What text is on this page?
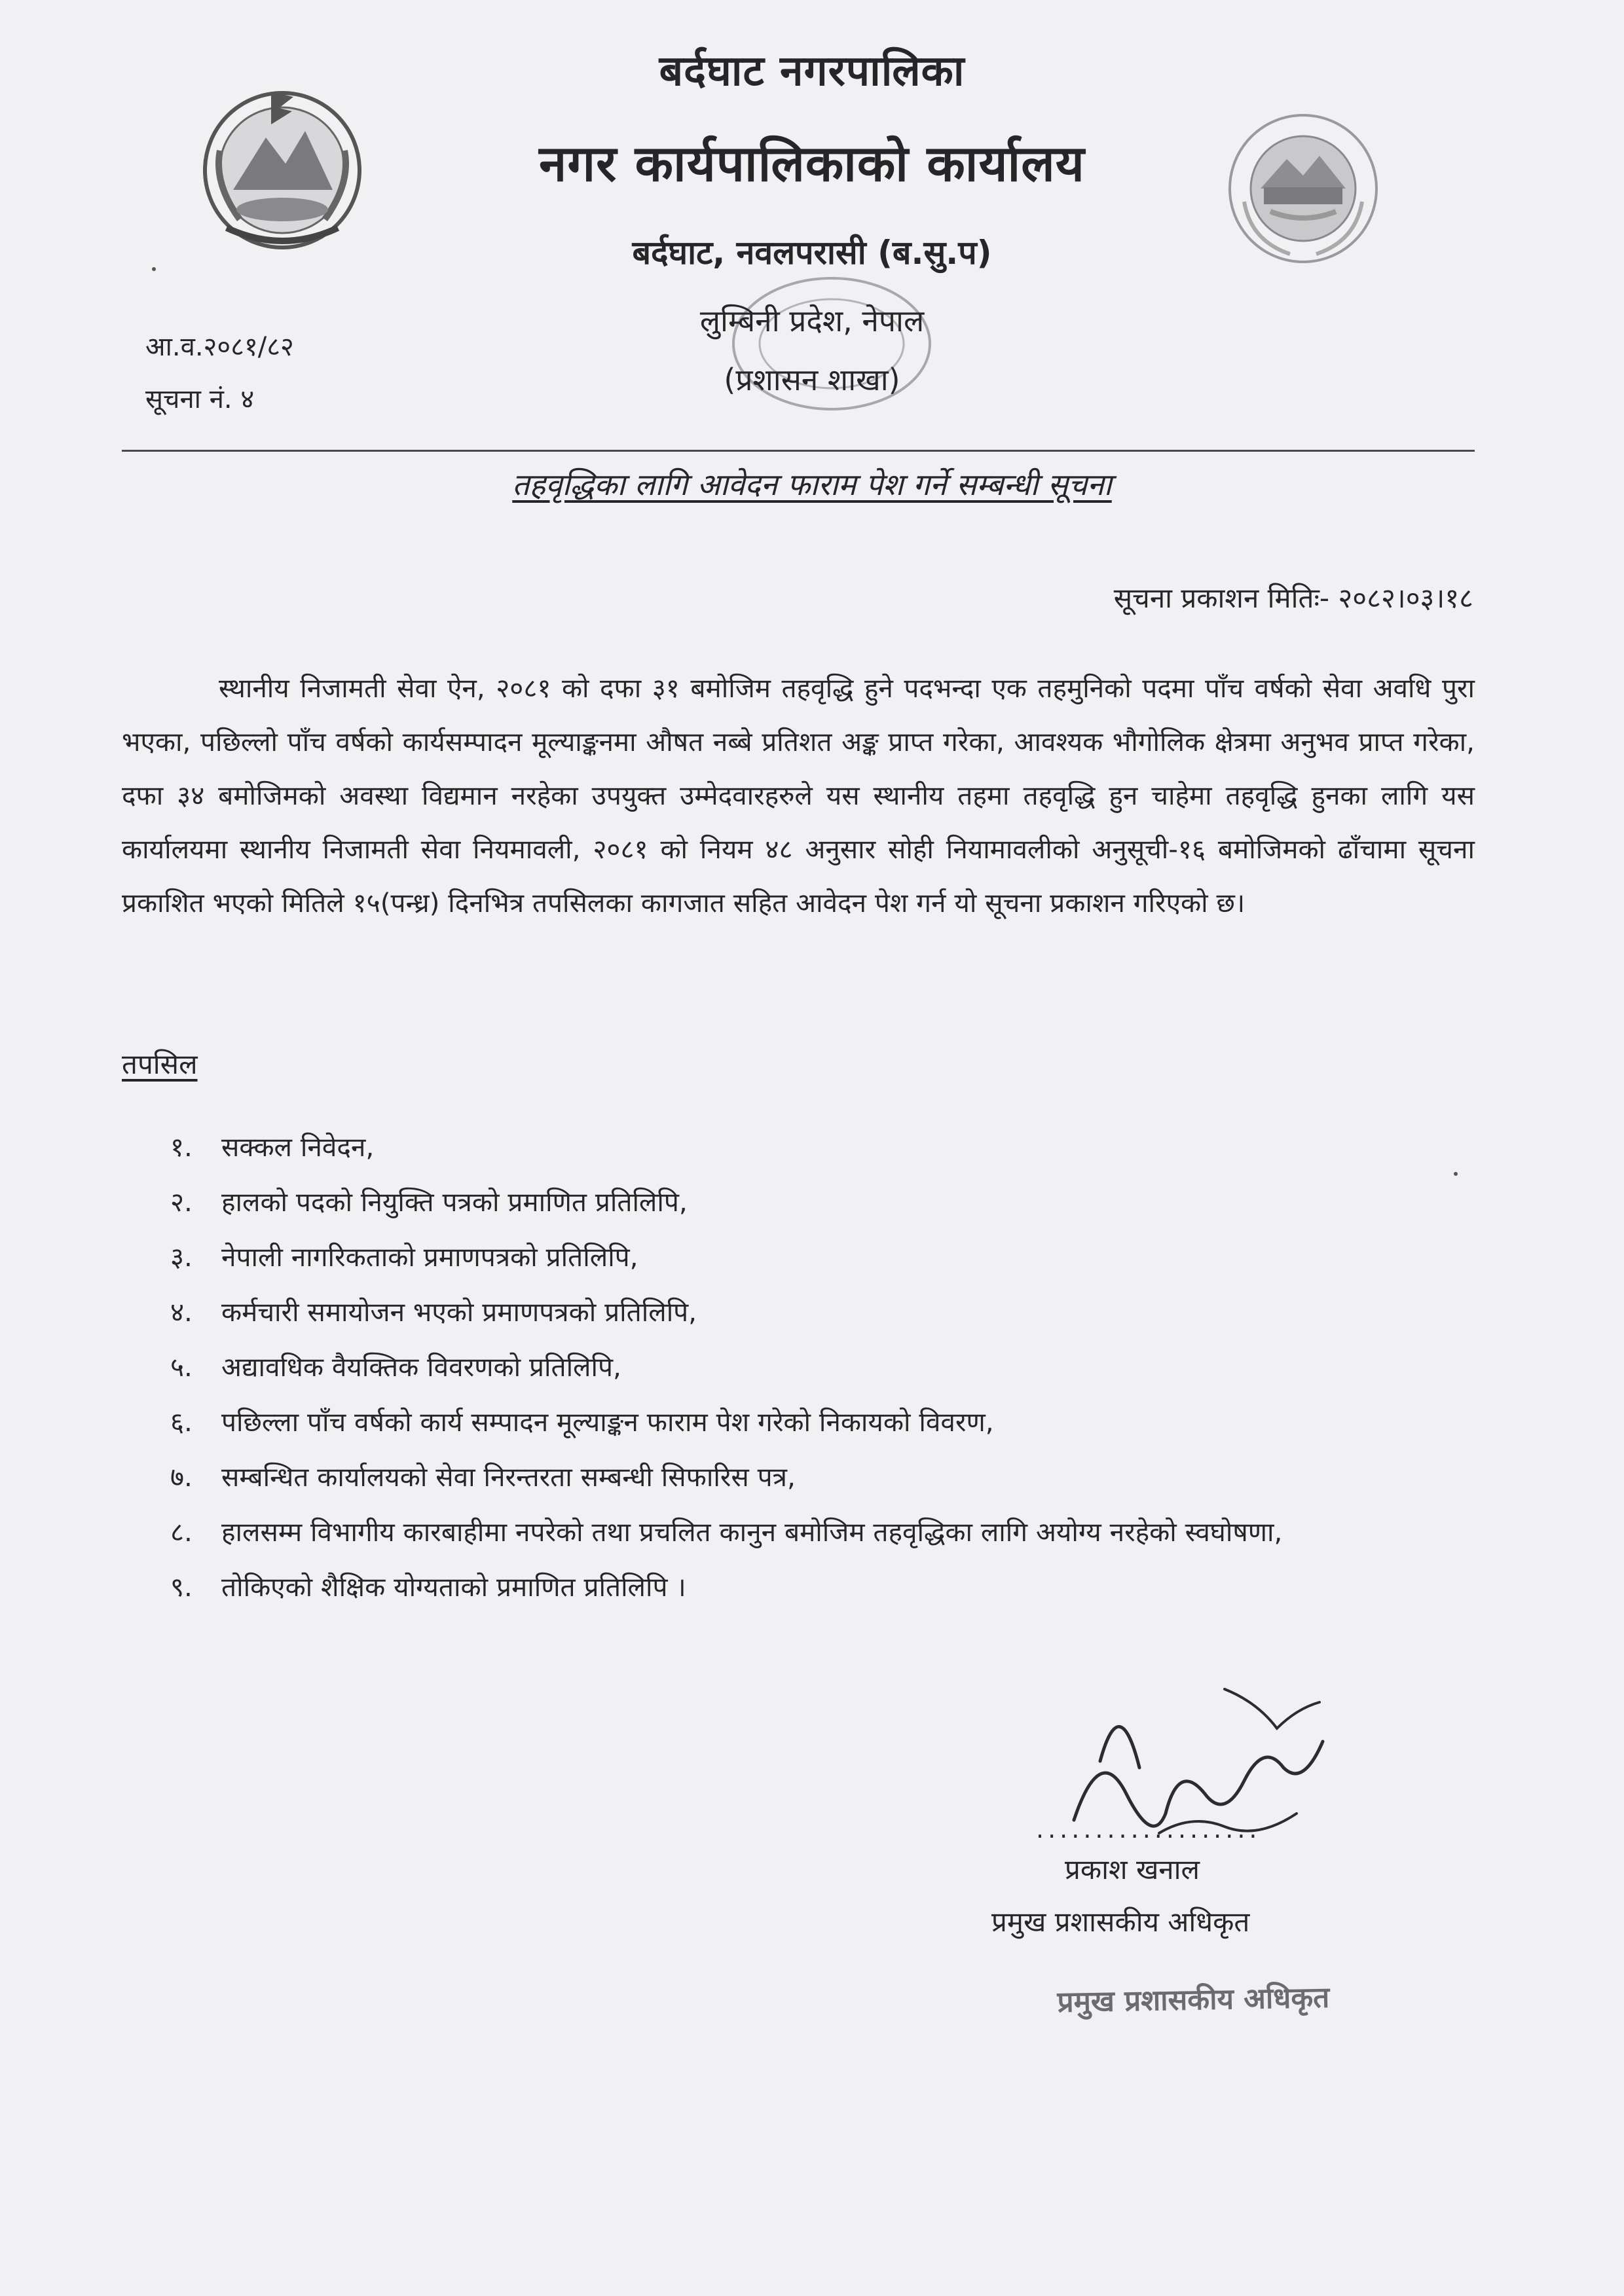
बर्दघाट नगरपालिका
नगर कार्यपालिकाको कार्यालय
बर्दघाट, नवलपरासी (ब.सु.प)
लुम्बिनी प्रदेश, नेपाल
(प्रशासन शाखा)
आ.व.२०८१/८२
सूचना नं. ४
तहवृद्धिका लागि आवेदन फाराम पेश गर्ने सम्बन्धी सूचना
सूचना प्रकाशन मितिः- २०८२।०३।१८

स्थानीय निजामती सेवा ऐन, २०८१ को दफा ३१ बमोजिम तहवृद्धि हुने पदभन्दा एक तहमुनिको पदमा पाँच वर्षको सेवा अवधि पुरा भएका, पछिल्लो पाँच वर्षको कार्यसम्पादन मूल्याङ्कनमा औषत नब्बे प्रतिशत अङ्क प्राप्त गरेका, आवश्यक भौगोलिक क्षेत्रमा अनुभव प्राप्त गरेका, दफा ३४ बमोजिमको अवस्था विद्यमान नरहेका उपयुक्त उम्मेदवारहरुले यस स्थानीय तहमा तहवृद्धि हुन चाहेमा तहवृद्धि हुनका लागि यस कार्यालयमा स्थानीय निजामती सेवा नियमावली, २०८१ को नियम ४८ अनुसार सोही नियामावलीको अनुसूची-१६ बमोजिमको ढाँचामा सूचना प्रकाशित भएको मितिले १५(पन्ध्र) दिनभित्र तपसिलका कागजात सहित आवेदन पेश गर्न यो सूचना प्रकाशन गरिएको छ।

तपसिल
१.	सक्कल निवेदन,
२.	हालको पदको नियुक्ति पत्रको प्रमाणित प्रतिलिपि,
३.	नेपाली नागरिकताको प्रमाणपत्रको प्रतिलिपि,
४.	कर्मचारी समायोजन भएको प्रमाणपत्रको प्रतिलिपि,
५.	अद्यावधिक वैयक्तिक विवरणको प्रतिलिपि,
६.	पछिल्ला पाँच वर्षको कार्य सम्पादन मूल्याङ्कन फाराम पेश गरेको निकायको विवरण,
७.	सम्बन्धित कार्यालयको सेवा निरन्तरता सम्बन्धी सिफारिस पत्र,
८.	हालसम्म विभागीय कारबाहीमा नपरेको तथा प्रचलित कानुन बमोजिम तहवृद्धिका लागि अयोग्य नरहेको स्वघोषणा,
९.	तोकिएको शैक्षिक योग्यताको प्रमाणित प्रतिलिपि ।
...................
प्रकाश खनाल
प्रमुख प्रशासकीय अधिकृत
प्रमुख प्रशासकीय अधिकृत
